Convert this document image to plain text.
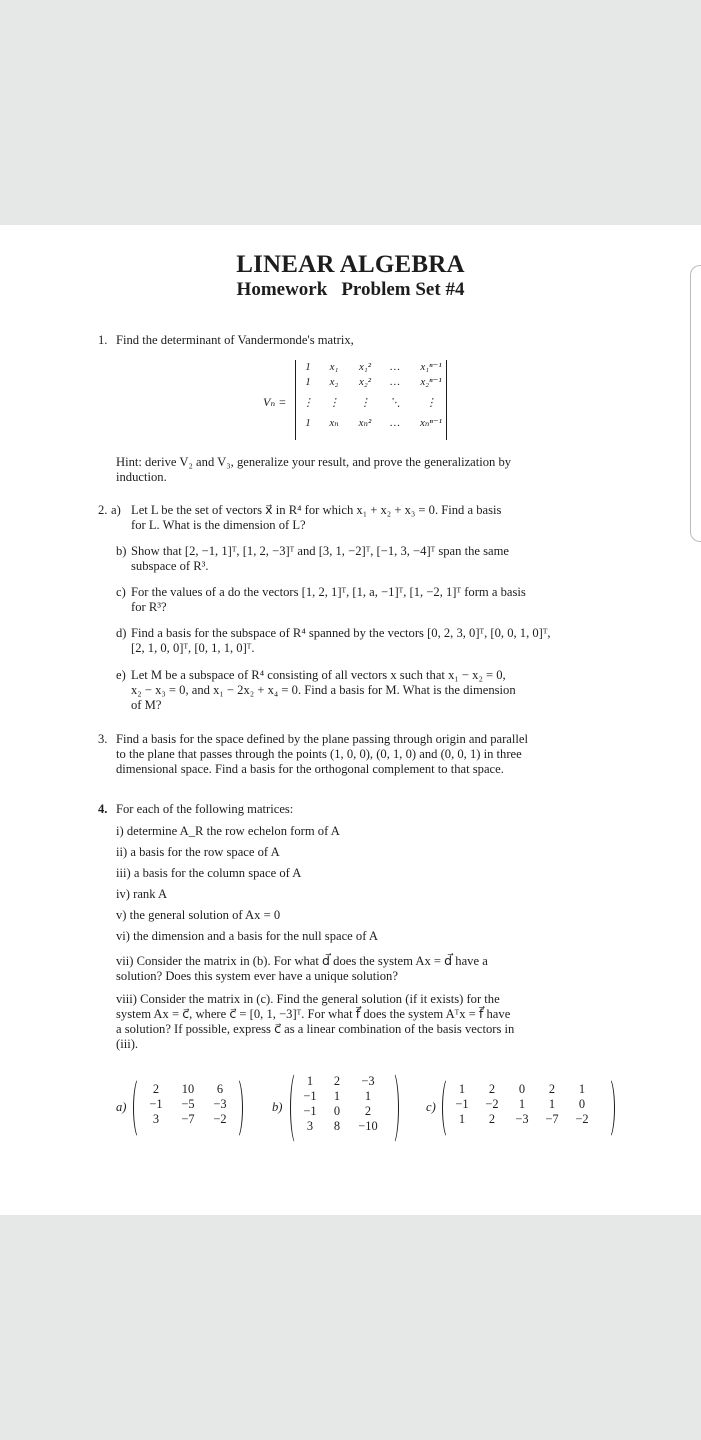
LINEAR ALGEBRA
Homework Problem Set #4
1. Find the determinant of Vandermonde's matrix,
Vₙ =
1	x₁	x₁²	…	x₁ⁿ⁻¹
1	x₂	x₂²	…	x₂ⁿ⁻¹
⋮	⋮	⋮	⋱	⋮
1	xₙ	xₙ²	…	xₙⁿ⁻¹
Hint: derive V₂ and V₃, generalize your result, and prove the generalization by
induction.
2. a) Let L be the set of vectors x⃗ in R⁴ for which x₁ + x₂ + x₃ = 0. Find a basis
for L. What is the dimension of L?
b) Show that [2, −1, 1]ᵀ, [1, 2, −3]ᵀ and [3, 1, −2]ᵀ, [−1, 3, −4]ᵀ span the same
subspace of R³.
c) For the values of a do the vectors [1, 2, 1]ᵀ, [1, a, −1]ᵀ, [1, −2, 1]ᵀ form a basis
for R³?
d) Find a basis for the subspace of R⁴ spanned by the vectors [0, 2, 3, 0]ᵀ, [0, 0, 1, 0]ᵀ,
[2, 1, 0, 0]ᵀ, [0, 1, 1, 0]ᵀ.
e) Let M be a subspace of R⁴ consisting of all vectors x such that x₁ − x₂ = 0,
x₂ − x₃ = 0, and x₁ − 2x₂ + x₄ = 0. Find a basis for M. What is the dimension
of M?
3. Find a basis for the space defined by the plane passing through origin and parallel
to the plane that passes through the points (1, 0, 0), (0, 1, 0) and (0, 0, 1) in three
dimensional space. Find a basis for the orthogonal complement to that space.
4. For each of the following matrices:
i) determine A_R the row echelon form of A
ii) a basis for the row space of A
iii) a basis for the column space of A
iv) rank A
v) the general solution of Ax = 0
vi) the dimension and a basis for the null space of A
vii) Consider the matrix in (b). For what d⃗ does the system Ax = d⃗ have a
solution? Does this system ever have a unique solution?
viii) Consider the matrix in (c). Find the general solution (if it exists) for the
system Ax = c⃗, where c⃗ = [0, 1, −3]ᵀ. For what f⃗ does the system Aᵀx = f⃗ have
a solution? If possible, express c⃗ as a linear combination of the basis vectors in
(iii).
a)
2	10	6
−1	−5	−3
3	−7	−2
b)
1	2	−3
−1	1	1
−1	0	2
3	8	−10
c)
1	2	0	2	1
−1	−2	1	1	0
1	2	−3	−7	−2
